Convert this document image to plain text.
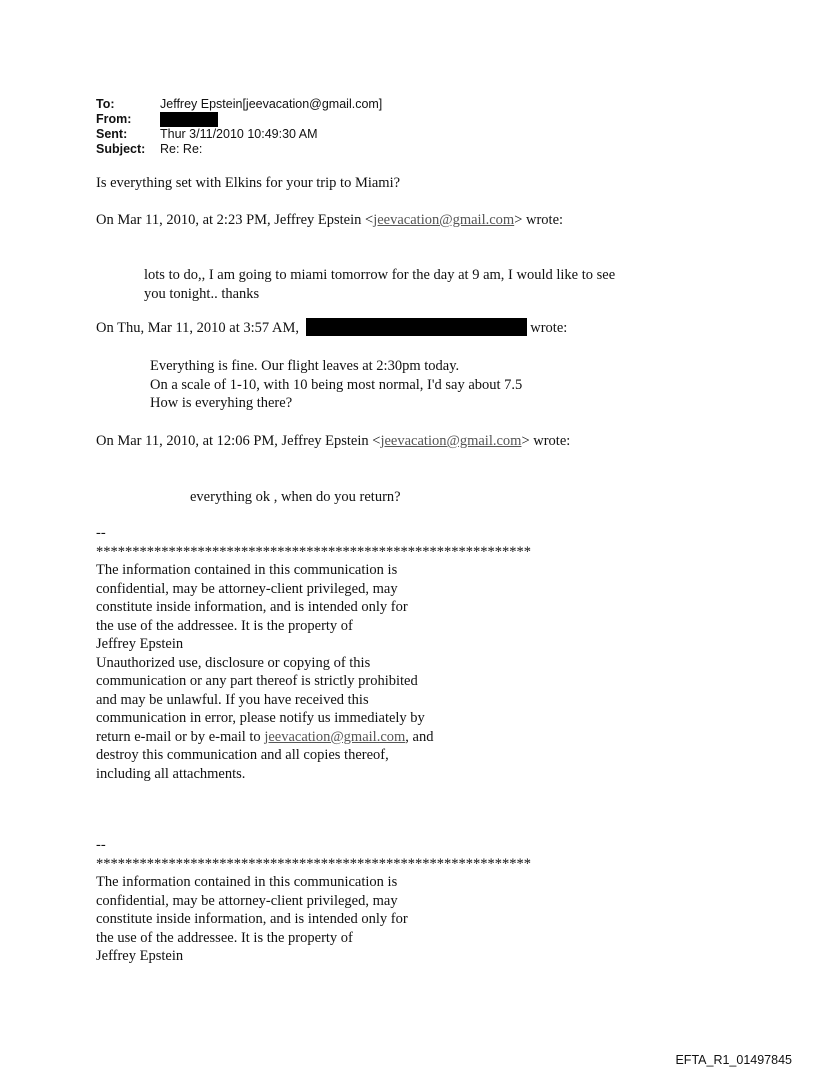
To:	Jeffrey Epstein[jeevacation@gmail.com]
From:
Sent:	Thur 3/11/2010 10:49:30 AM
Subject:	Re: Re:
Is everything set with Elkins for your trip to Miami?
On Mar 11, 2010, at 2:23 PM, Jeffrey Epstein <jeevacation@gmail.com> wrote:
lots to do,, I am going to miami tomorrow for the day at 9 am, I would like to see
you tonight.. thanks
On Thu, Mar 11, 2010 at 3:57 AM,	wrote:
Everything is fine. Our flight leaves at 2:30pm today.
On a scale of 1-10, with 10 being most normal, I'd say about 7.5
How is everyhing there?
On Mar 11, 2010, at 12:06 PM, Jeffrey Epstein <jeevacation@gmail.com> wrote:
everything ok , when do you return?
--
************************************************************
The information contained in this communication is
confidential, may be attorney-client privileged, may
constitute inside information, and is intended only for
the use of the addressee. It is the property of
Jeffrey Epstein
Unauthorized use, disclosure or copying of this
communication or any part thereof is strictly prohibited
and may be unlawful. If you have received this
communication in error, please notify us immediately by
return e-mail or by e-mail to jeevacation@gmail.com, and
destroy this communication and all copies thereof,
including all attachments.
--
************************************************************
The information contained in this communication is
confidential, may be attorney-client privileged, may
constitute inside information, and is intended only for
the use of the addressee. It is the property of
Jeffrey Epstein
EFTA_R1_01497845
